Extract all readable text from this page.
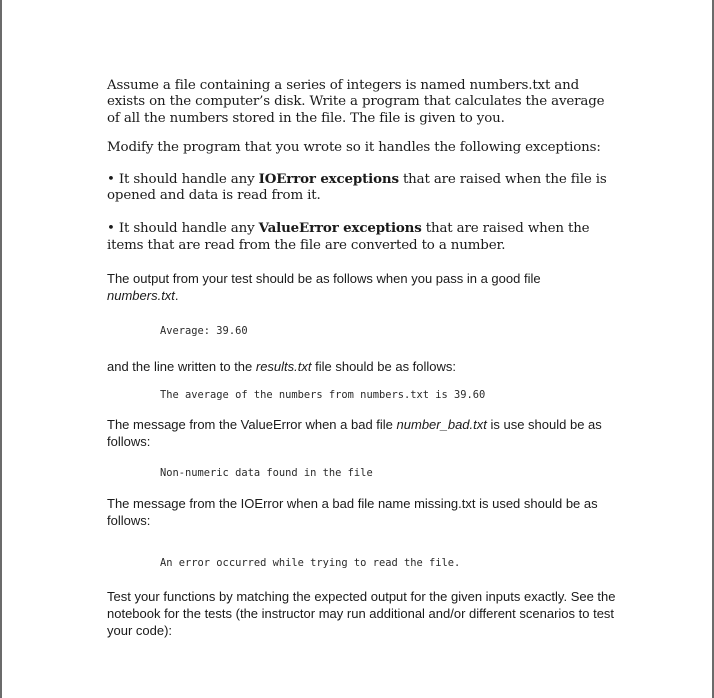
Assume a file containing a series of integers is named numbers.txt and exists on the computer’s disk. Write a program that calculates the average of all the numbers stored in the file. The file is given to you.

Modify the program that you wrote so it handles the following exceptions:

• It should handle any IOError exceptions that are raised when the file is opened and data is read from it.

• It should handle any ValueError exceptions that are raised when the items that are read from the file are converted to a number.

The output from your test should be as follows when you pass in a good file
numbers.txt.

Average: 39.60

and the line written to the results.txt file should be as follows:

The average of the numbers from numbers.txt is 39.60

The message from the ValueError when a bad file number_bad.txt is use should be as follows:

Non-numeric data found in the file

The message from the IOError when a bad file name missing.txt is used should be as follows:

An error occurred while trying to read the file.

Test your functions by matching the expected output for the given inputs exactly. See the notebook for the tests (the instructor may run additional and/or different scenarios to test your code):
